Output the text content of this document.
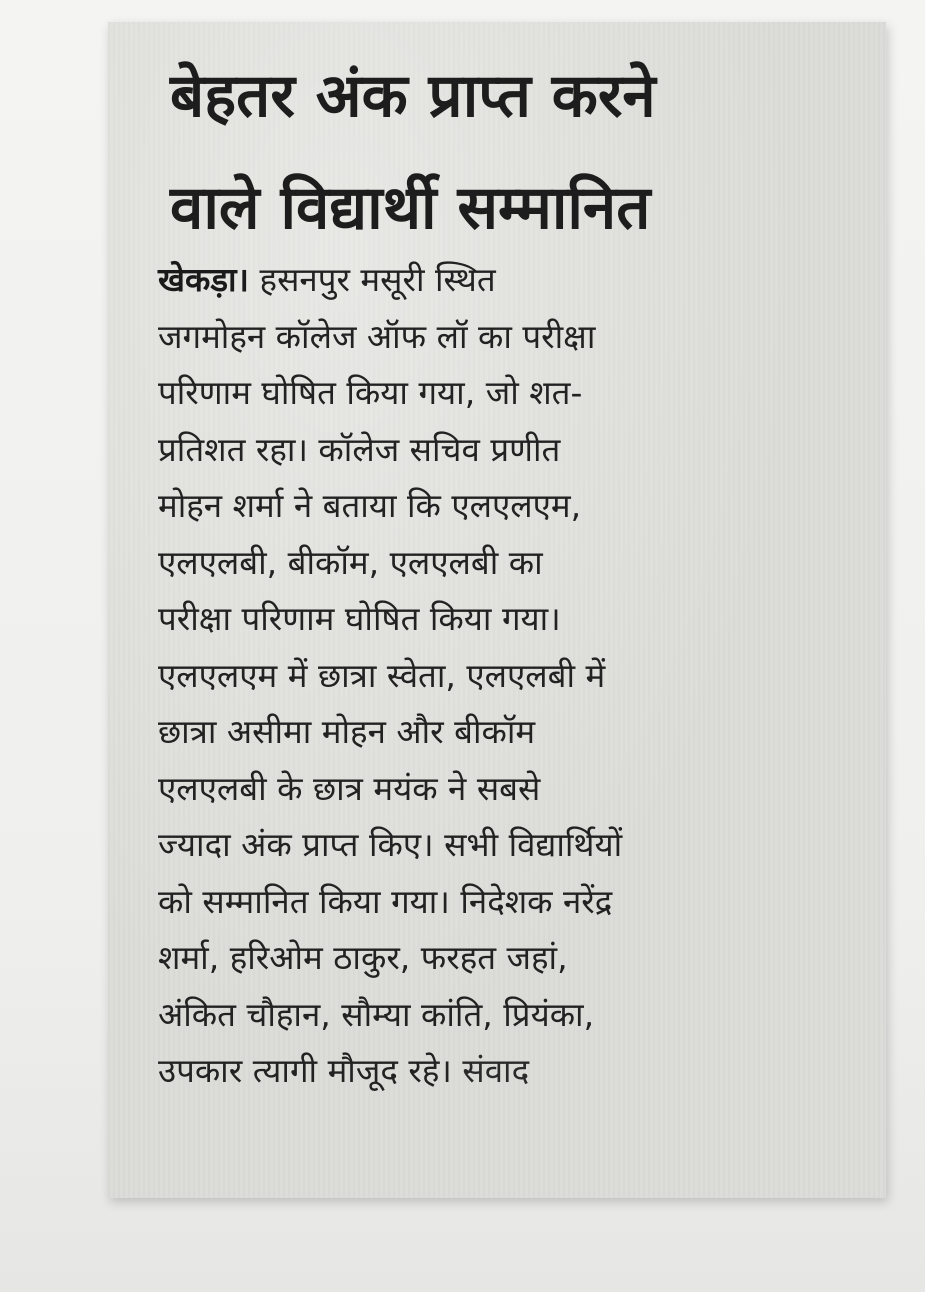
बेहतर अंक प्राप्त करने
वाले विद्यार्थी सम्मानित
खेकड़ा। हसनपुर मसूरी स्थित
जगमोहन कॉलेज ऑफ लॉ का परीक्षा
परिणाम घोषित किया गया, जो शत-
प्रतिशत रहा। कॉलेज सचिव प्रणीत
मोहन शर्मा ने बताया कि एलएलएम,
एलएलबी, बीकॉम, एलएलबी का
परीक्षा परिणाम घोषित किया गया।
एलएलएम में छात्रा स्वेता, एलएलबी में
छात्रा असीमा मोहन और बीकॉम
एलएलबी के छात्र मयंक ने सबसे
ज्यादा अंक प्राप्त किए। सभी विद्यार्थियों
को सम्मानित किया गया। निदेशक नरेंद्र
शर्मा, हरिओम ठाकुर, फरहत जहां,
अंकित चौहान, सौम्या कांति, प्रियंका,
उपकार त्यागी मौजूद रहे। संवाद
